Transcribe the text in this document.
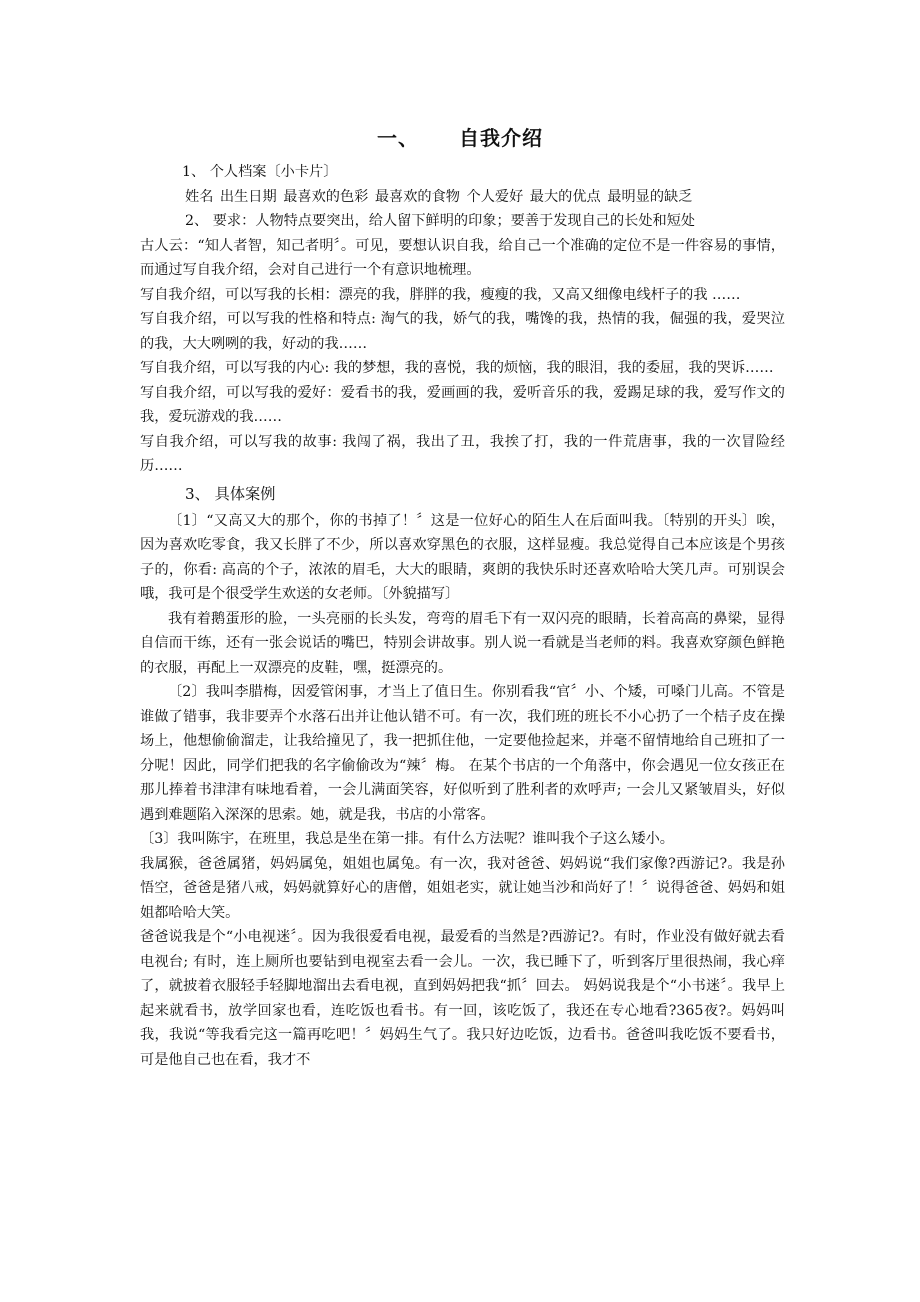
一、 自我介绍

1、 个人档案〔小卡片〕

姓名 出生日期 最喜欢的色彩 最喜欢的食物 个人爱好 最大的优点 最明显的缺乏

2、 要求：人物特点要突出，给人留下鲜明的印象；要善于发现自己的长处和短处

古人云：“知人者智，知己者明〞。可见，要想认识自我，给自己一个准确的定位不是一件容易的事情，而通过写自我介绍，会对自己进行一个有意识地梳理。

写自我介绍，可以写我的长相：漂亮的我，胖胖的我，瘦瘦的我，又高又细像电线杆子的我 ……

写自我介绍，可以写我的性格和特点: 淘气的我，娇气的我，嘴馋的我，热情的我，倔强的我，爱哭泣的我，大大咧咧的我，好动的我……

写自我介绍，可以写我的内心: 我的梦想，我的喜悦，我的烦恼，我的眼泪，我的委屈，我的哭诉……

写自我介绍，可以写我的爱好：爱看书的我，爱画画的我，爱听音乐的我，爱踢足球的我，爱写作文的我，爱玩游戏的我……

写自我介绍，可以写我的故事: 我闯了祸，我出了丑，我挨了打，我的一件荒唐事，我的一次冒险经历……

3、 具体案例

〔1〕“又高又大的那个，你的书掉了！〞这是一位好心的陌生人在后面叫我。〔特别的开头〕唉，因为喜欢吃零食，我又长胖了不少，所以喜欢穿黑色的衣服，这样显瘦。我总觉得自己本应该是个男孩子的，你看: 高高的个子，浓浓的眉毛，大大的眼睛，爽朗的我快乐时还喜欢哈哈大笑几声。可别误会哦，我可是个很受学生欢送的女老师。〔外貌描写〕

我有着鹅蛋形的脸，一头亮丽的长头发，弯弯的眉毛下有一双闪亮的眼睛，长着高高的鼻梁，显得自信而干练，还有一张会说话的嘴巴，特别会讲故事。别人说一看就是当老师的料。我喜欢穿颜色鲜艳的衣服，再配上一双漂亮的皮鞋，嘿，挺漂亮的。

〔2〕我叫李腊梅，因爱管闲事，才当上了值日生。你别看我“官〞小、个矮，可嗓门儿高。不管是谁做了错事，我非要弄个水落石出并让他认错不可。有一次，我们班的班长不小心扔了一个桔子皮在操场上，他想偷偷溜走，让我给撞见了，我一把抓住他，一定要他捡起来，并毫不留情地给自己班扣了一分呢！因此，同学们把我的名字偷偷改为“辣〞梅。 在某个书店的一个角落中，你会遇见一位女孩正在那儿捧着书津津有味地看着，一会儿满面笑容，好似听到了胜利者的欢呼声; 一会儿又紧皱眉头，好似遇到难题陷入深深的思索。她，就是我，书店的小常客。

〔3〕我叫陈宇，在班里，我总是坐在第一排。有什么方法呢？谁叫我个子这么矮小。

我属猴，爸爸属猪，妈妈属兔，姐姐也属兔。有一次，我对爸爸、妈妈说“我们家像?西游记?。我是孙悟空，爸爸是猪八戒，妈妈就算好心的唐僧，姐姐老实，就让她当沙和尚好了！〞说得爸爸、妈妈和姐姐都哈哈大笑。

爸爸说我是个“小电视迷〞。因为我很爱看电视，最爱看的当然是?西游记?。有时，作业没有做好就去看电视台; 有时，连上厕所也要钻到电视室去看一会儿。一次，我已睡下了，听到客厅里很热闹，我心痒了，就披着衣服轻手轻脚地溜出去看电视，直到妈妈把我“抓〞回去。 妈妈说我是个“小书迷〞。我早上起来就看书，放学回家也看，连吃饭也看书。有一回，该吃饭了，我还在专心地看?365夜?。妈妈叫我，我说“等我看完这一篇再吃吧！〞妈妈生气了。我只好边吃饭，边看书。爸爸叫我吃饭不要看书，可是他自己也在看，我才不
